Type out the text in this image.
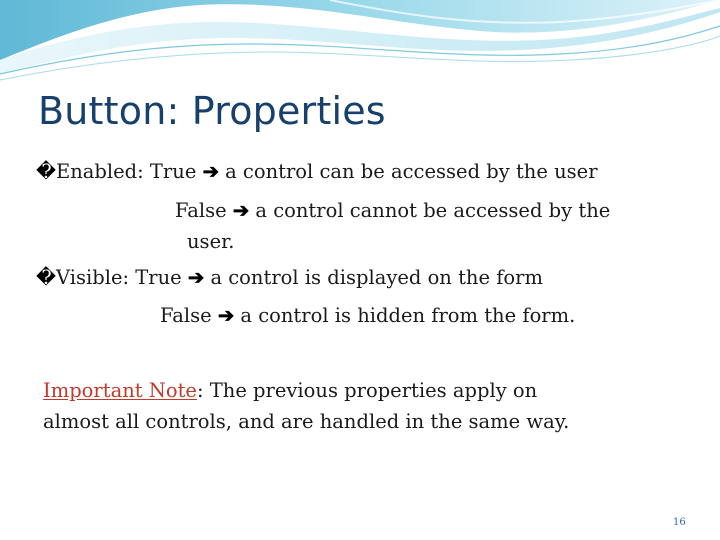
Button: Properties
�Enabled: True ➔ a control can be accessed by the user
False ➔ a control cannot be accessed by the
user.
�Visible: True ➔ a control is displayed on the form
False ➔ a control is hidden from the form.
Important Note: The previous properties apply on
almost all controls, and are handled in the same way.
16
